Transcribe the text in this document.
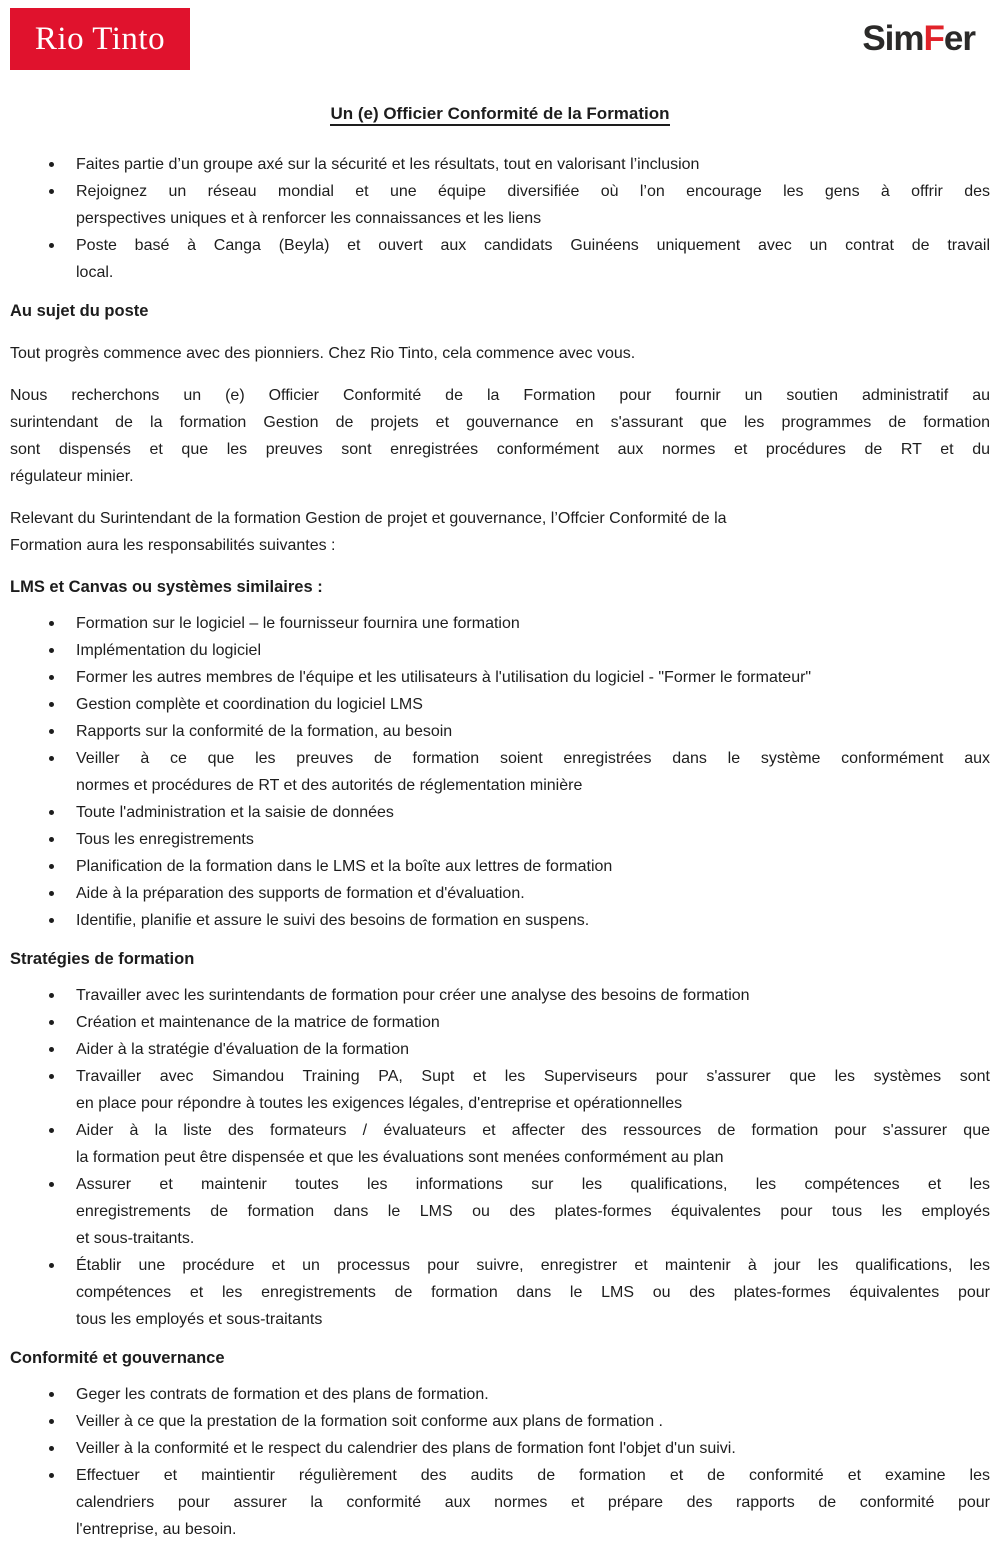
Rio Tinto	SimFer
Un (e) Officier Conformité de la Formation
Faites partie d’un groupe axé sur la sécurité et les résultats, tout en valorisant l’inclusion
Rejoignez un réseau mondial et une équipe diversifiée où l’on encourage les gens à offrir des
perspectives uniques et à renforcer les connaissances et les liens
Poste basé à Canga (Beyla) et ouvert aux candidats Guinéens uniquement avec un contrat de travail
local.
Au sujet du poste

Tout progrès commence avec des pionniers. Chez Rio Tinto, cela commence avec vous.

Nous recherchons un (e) Officier Conformité de la Formation pour fournir un soutien administratif au
surintendant de la formation Gestion de projets et gouvernance en s'assurant que les programmes de formation
sont dispensés et que les preuves sont enregistrées conformément aux normes et procédures de RT et du
régulateur minier.

Relevant du Surintendant de la formation Gestion de projet et gouvernance, l’Offcier Conformité de la
Formation aura les responsabilités suivantes :

LMS et Canvas ou systèmes similaires :
Formation sur le logiciel – le fournisseur fournira une formation
Implémentation du logiciel
Former les autres membres de l'équipe et les utilisateurs à l'utilisation du logiciel - "Former le formateur"
Gestion complète et coordination du logiciel LMS
Rapports sur la conformité de la formation, au besoin
Veiller à ce que les preuves de formation soient enregistrées dans le système conformément aux
normes et procédures de RT et des autorités de réglementation minière
Toute l'administration et la saisie de données
Tous les enregistrements
Planification de la formation dans le LMS et la boîte aux lettres de formation
Aide à la préparation des supports de formation et d'évaluation.
Identifie, planifie et assure le suivi des besoins de formation en suspens.
Stratégies de formation
Travailler avec les surintendants de formation pour créer une analyse des besoins de formation
Création et maintenance de la matrice de formation
Aider à la stratégie d'évaluation de la formation
Travailler avec Simandou Training PA, Supt et les Superviseurs pour s'assurer que les systèmes sont
en place pour répondre à toutes les exigences légales, d'entreprise et opérationnelles
Aider à la liste des formateurs / évaluateurs et affecter des ressources de formation pour s'assurer que
la formation peut être dispensée et que les évaluations sont menées conformément au plan
Assurer et maintenir toutes les informations sur les qualifications, les compétences et les
enregistrements de formation dans le LMS ou des plates-formes équivalentes pour tous les employés
et sous-traitants.
Établir une procédure et un processus pour suivre, enregistrer et maintenir à jour les qualifications, les
compétences et les enregistrements de formation dans le LMS ou des plates-formes équivalentes pour
tous les employés et sous-traitants
Conformité et gouvernance
Geger les contrats de formation et des plans de formation.
Veiller à ce que la prestation de la formation soit conforme aux plans de formation .
Veiller à la conformité et le respect du calendrier des plans de formation font l'objet d'un suivi.
Effectuer et maintientir régulièrement des audits de formation et de conformité et examine les
calendriers pour assurer la conformité aux normes et prépare des rapports de conformité pour
l'entreprise, au besoin.
